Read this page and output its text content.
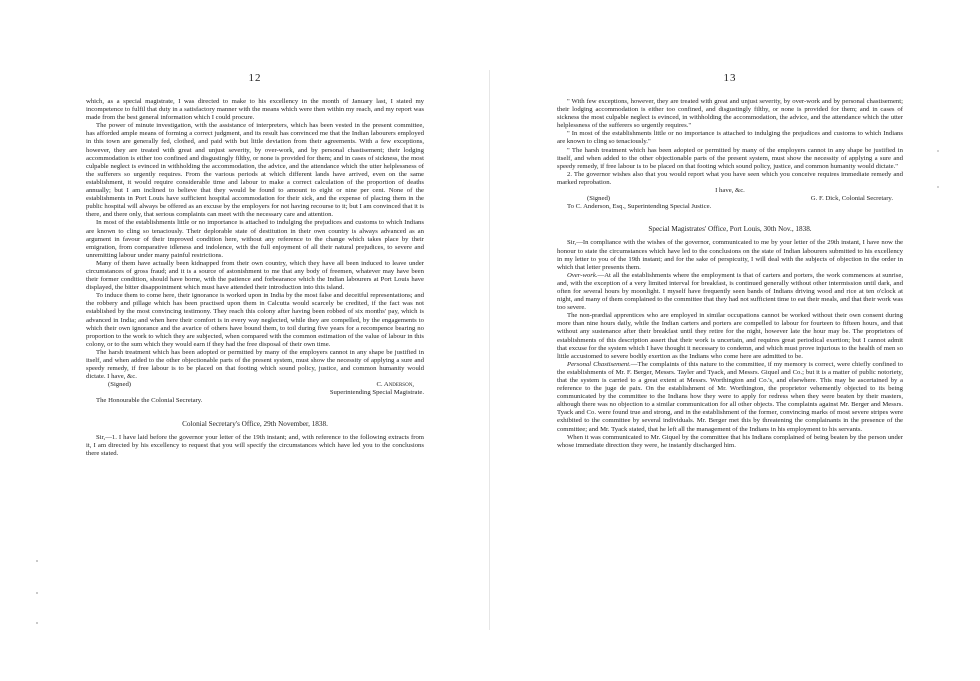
12

which, as a special magistrate, I was directed to make to his excellency in the month of January last, I stated my incompetence to fulfil that duty in a satisfactory manner with the means which were then within my reach, and my report was made from the best general information which I could procure.

The power of minute investigation, with the assistance of interpreters, which has been vested in the present committee, has afforded ample means of forming a correct judgment, and its result has convinced me that the Indian labourers employed in this town are generally fed, clothed, and paid with but little deviation from their agreements. With a few exceptions, however, they are treated with great and unjust severity, by over-work, and by personal chastisement; their lodging accommodation is either too confined and disgustingly filthy, or none is provided for them; and in cases of sickness, the most culpable neglect is evinced in withholding the accommodation, the advice, and the attendance which the utter helplessness of the sufferers so urgently requires. From the various periods at which different lands have arrived, even on the same establishment, it would require considerable time and labour to make a correct calculation of the proportion of deaths annually; but I am inclined to believe that they would be found to amount to eight or nine per cent. None of the establishments in Port Louis have sufficient hospital accommodation for their sick, and the expense of placing them in the public hospital will always be offered as an excuse by the employers for not having recourse to it; but I am convinced that it is there, and there only, that serious complaints can meet with the necessary care and attention.

In most of the establishments little or no importance is attached to indulging the prejudices and customs to which Indians are known to cling so tenaciously. Their deplorable state of destitution in their own country is always advanced as an argument in favour of their improved condition here, without any reference to the change which takes place by their emigration, from comparative idleness and indolence, with the full enjoyment of all their natural prejudices, to severe and unremitting labour under many painful restrictions.

Many of them have actually been kidnapped from their own country, which they have all been induced to leave under circumstances of gross fraud; and it is a source of astonishment to me that any body of freemen, whatever may have been their former condition, should have borne, with the patience and forbearance which the Indian labourers at Port Louis have displayed, the bitter disappointment which must have attended their introduction into this island.

To induce them to come here, their ignorance is worked upon in India by the most false and deceitful representations; and the robbery and pillage which has been practised upon them in Calcutta would scarcely be credited, if the fact was not established by the most convincing testimony. They reach this colony after having been robbed of six months' pay, which is advanced in India; and when here their comfort is in every way neglected, while they are compelled, by the engagements to which their own ignorance and the avarice of others have bound them, to toil during five years for a recompence bearing no proportion to the work to which they are subjected, when compared with the common estimation of the value of labour in this colony, or to the sum which they would earn if they had the free disposal of their own time.

The harsh treatment which has been adopted or permitted by many of the employers cannot in any shape be justified in itself, and when added to the other objectionable parts of the present system, must show the necessity of applying a sure and speedy remedy, if free labour is to be placed on that footing which sound policy, justice, and common humanity would dictate. I have, &c.

(Signed)	C. Anderson,

Superintending Special Magistrate.

The Honourable the Colonial Secretary.

Colonial Secretary's Office, 29th November, 1838.

Sir,—1. I have laid before the governor your letter of the 19th instant; and, with reference to the following extracts from it, I am directed by his excellency to request that you will specify the circumstances which have led you to the conclusions there stated.

13

" With few exceptions, however, they are treated with great and unjust severity, by over-work and by personal chastisement; their lodging accommodation is either too confined, and disgustingly filthy, or none is provided for them; and in cases of sickness the most culpable neglect is evinced, in withholding the accommodation, the advice, and the attendance which the utter helplessness of the sufferers so urgently requires."

" In most of the establishments little or no importance is attached to indulging the prejudices and customs to which Indians are known to cling so tenaciously."

" The harsh treatment which has been adopted or permitted by many of the employers cannot in any shape be justified in itself, and when added to the other objectionable parts of the present system, must show the necessity of applying a sure and speedy remedy, if free labour is to be placed on that footing which sound policy, justice, and common humanity would dictate."

2. The governor wishes also that you would report what you have seen which you conceive requires immediate remedy and marked reprobation.

I have, &c.

(Signed)	G. F. Dick, Colonial Secretary.

To C. Anderson, Esq., Superintending Special Justice.

Special Magistrates' Office, Port Louis, 30th Nov., 1838.

Sir,—In compliance with the wishes of the governor, communicated to me by your letter of the 29th instant, I have now the honour to state the circumstances which have led to the conclusions on the state of Indian labourers submitted to his excellency in my letter to you of the 19th instant; and for the sake of perspicuity, I will deal with the subjects of objection in the order in which that letter presents them.

Over-work.—At all the establishments where the employment is that of carters and porters, the work commences at sunrise, and, with the exception of a very limited interval for breakfast, is continued generally without other intermission until dark, and often for several hours by moonlight. I myself have frequently seen bands of Indians driving wood and rice at ten o'clock at night, and many of them complained to the committee that they had not sufficient time to eat their meals, and that their work was too severe.

The non-prædial apprentices who are employed in similar occupations cannot be worked without their own consent during more than nine hours daily, while the Indian carters and porters are compelled to labour for fourteen to fifteen hours, and that without any sustenance after their breakfast until they retire for the night, however late the hour may be. The proprietors of establishments of this description assert that their work is uncertain, and requires great periodical exertion; but I cannot admit that excuse for the system which I have thought it necessary to condemn, and which must prove injurious to the health of men so little accustomed to severe bodily exertion as the Indians who come here are admitted to be.

Personal Chastisement.—The complaints of this nature to the committee, if my memory is correct, were chiefly confined to the establishments of Mr. F. Berger, Messrs. Tayler and Tyack, and Messrs. Giquel and Co.; but it is a matter of public notoriety, that the system is carried to a great extent at Messrs. Worthington and Co.'s, and elsewhere. This may be ascertained by a reference to the juge de paix. On the establishment of Mr. Worthington, the proprietor vehemently objected to its being communicated by the committee to the Indians how they were to apply for redress when they were beaten by their masters, although there was no objection to a similar communication for all other objects. The complaints against Mr. Berger and Messrs. Tyack and Co. were found true and strong, and in the establishment of the former, convincing marks of most severe stripes were exhibited to the committee by several individuals. Mr. Berger met this by threatening the complainants in the presence of the committee; and Mr. Tyack stated, that he left all the management of the Indians in his employment to his servants.

When it was communicated to Mr. Giquel by the committee that his Indians complained of being beaten by the person under whose immediate direction they were, he instantly discharged him.
